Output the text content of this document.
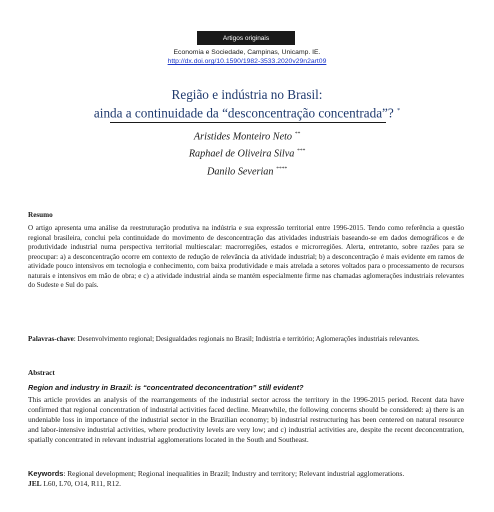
Artigos originais
Economia e Sociedade, Campinas, Unicamp. IE.
http://dx.doi.org/10.1590/1982-3533.2020v29n2art09
Região e indústria no Brasil:
ainda a continuidade da “desconcentração concentrada”? *
Aristides Monteiro Neto **
Raphael de Oliveira Silva ***
Danilo Severian ****
Resumo

O artigo apresenta uma análise da reestruturação produtiva na indústria e sua expressão territorial entre 1996-2015. Tendo como referência a questão regional brasileira, conclui pela continuidade do movimento de desconcentração das atividades industriais baseando-se em dados demográficos e de produtividade industrial numa perspectiva territorial multiescalar: macrorregiões, estados e microrregiões. Alerta, entretanto, sobre razões para se preocupar: a) a desconcentração ocorre em contexto de redução de relevância da atividade industrial; b) a desconcentração é mais evidente em ramos de atividade pouco intensivos em tecnologia e conhecimento, com baixa produtividade e mais atrelada a setores voltados para o processamento de recursos naturais e intensivos em mão de obra; e c) a atividade industrial ainda se mantém especialmente firme nas chamadas aglomerações industriais relevantes do Sudeste e Sul do país.

Palavras-chave: Desenvolvimento regional; Desigualdades regionais no Brasil; Indústria e território; Aglomerações industriais relevantes.

Abstract
Region and industry in Brazil: is “concentrated deconcentration” still evident?

This article provides an analysis of the rearrangements of the industrial sector across the territory in the 1996-2015 period. Recent data have confirmed that regional concentration of industrial activities faced decline. Meanwhile, the following concerns should be considered: a) there is an undeniable loss in importance of the industrial sector in the Brazilian economy; b) industrial restructuring has been centered on natural resource and labor-intensive industrial activities, where productivity levels are very low; and c) industrial activities are, despite the recent deconcentration, spatially concentrated in relevant industrial agglomerations located in the South and Southeast.

Keywords: Regional development; Regional inequalities in Brazil; Industry and territory; Relevant industrial agglomerations.
JEL L60, L70, O14, R11, R12.
